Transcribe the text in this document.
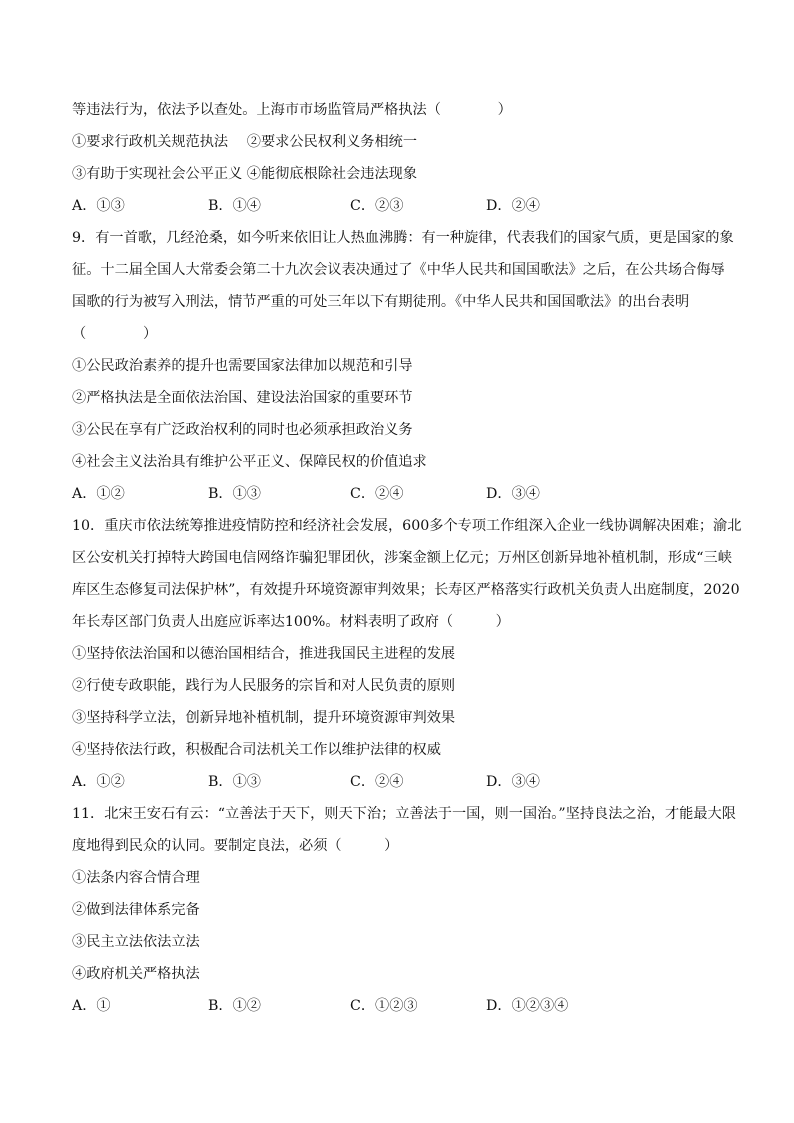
等违法行为，依法予以查处。上海市市场监管局严格执法（　　　　）
①要求行政机关规范执法　 ②要求公民权利义务相统一
③有助于实现社会公平正义 ④能彻底根除社会违法现象
A．①③	B．①④	C．②③	D．②④
9．有一首歌，几经沧桑，如今听来依旧让人热血沸腾：有一种旋律，代表我们的国家气质，更是国家的象
征。十二届全国人大常委会第二十九次会议表决通过了《中华人民共和国国歌法》之后，在公共场合侮辱
国歌的行为被写入刑法，情节严重的可处三年以下有期徒刑。《中华人民共和国国歌法》的出台表明
（　　　　）
①公民政治素养的提升也需要国家法律加以规范和引导
②严格执法是全面依法治国、建设法治国家的重要环节
③公民在享有广泛政治权利的同时也必须承担政治义务
④社会主义法治具有维护公平正义、保障民权的价值追求
A．①②	B．①③	C．②④	D．③④
10．重庆市依法统筹推进疫情防控和经济社会发展，600多个专项工作组深入企业一线协调解决困难；渝北
区公安机关打掉特大跨国电信网络诈骗犯罪团伙，涉案金额上亿元；万州区创新异地补植机制，形成“三峡
库区生态修复司法保护林”，有效提升环境资源审判效果；长寿区严格落实行政机关负责人出庭制度，2020
年长寿区部门负责人出庭应诉率达100%。材料表明了政府（　　　）
①坚持依法治国和以德治国相结合，推进我国民主进程的发展
②行使专政职能，践行为人民服务的宗旨和对人民负责的原则
③坚持科学立法，创新异地补植机制，提升环境资源审判效果
④坚持依法行政，积极配合司法机关工作以维护法律的权威
A．①②	B．①③	C．②④	D．③④
11．北宋王安石有云：“立善法于天下，则天下治；立善法于一国，则一国治。”坚持良法之治，才能最大限
度地得到民众的认同。要制定良法，必须（　　　）
①法条内容合情合理
②做到法律体系完备
③民主立法依法立法
④政府机关严格执法
A．①	B．①②	C．①②③	D．①②③④
